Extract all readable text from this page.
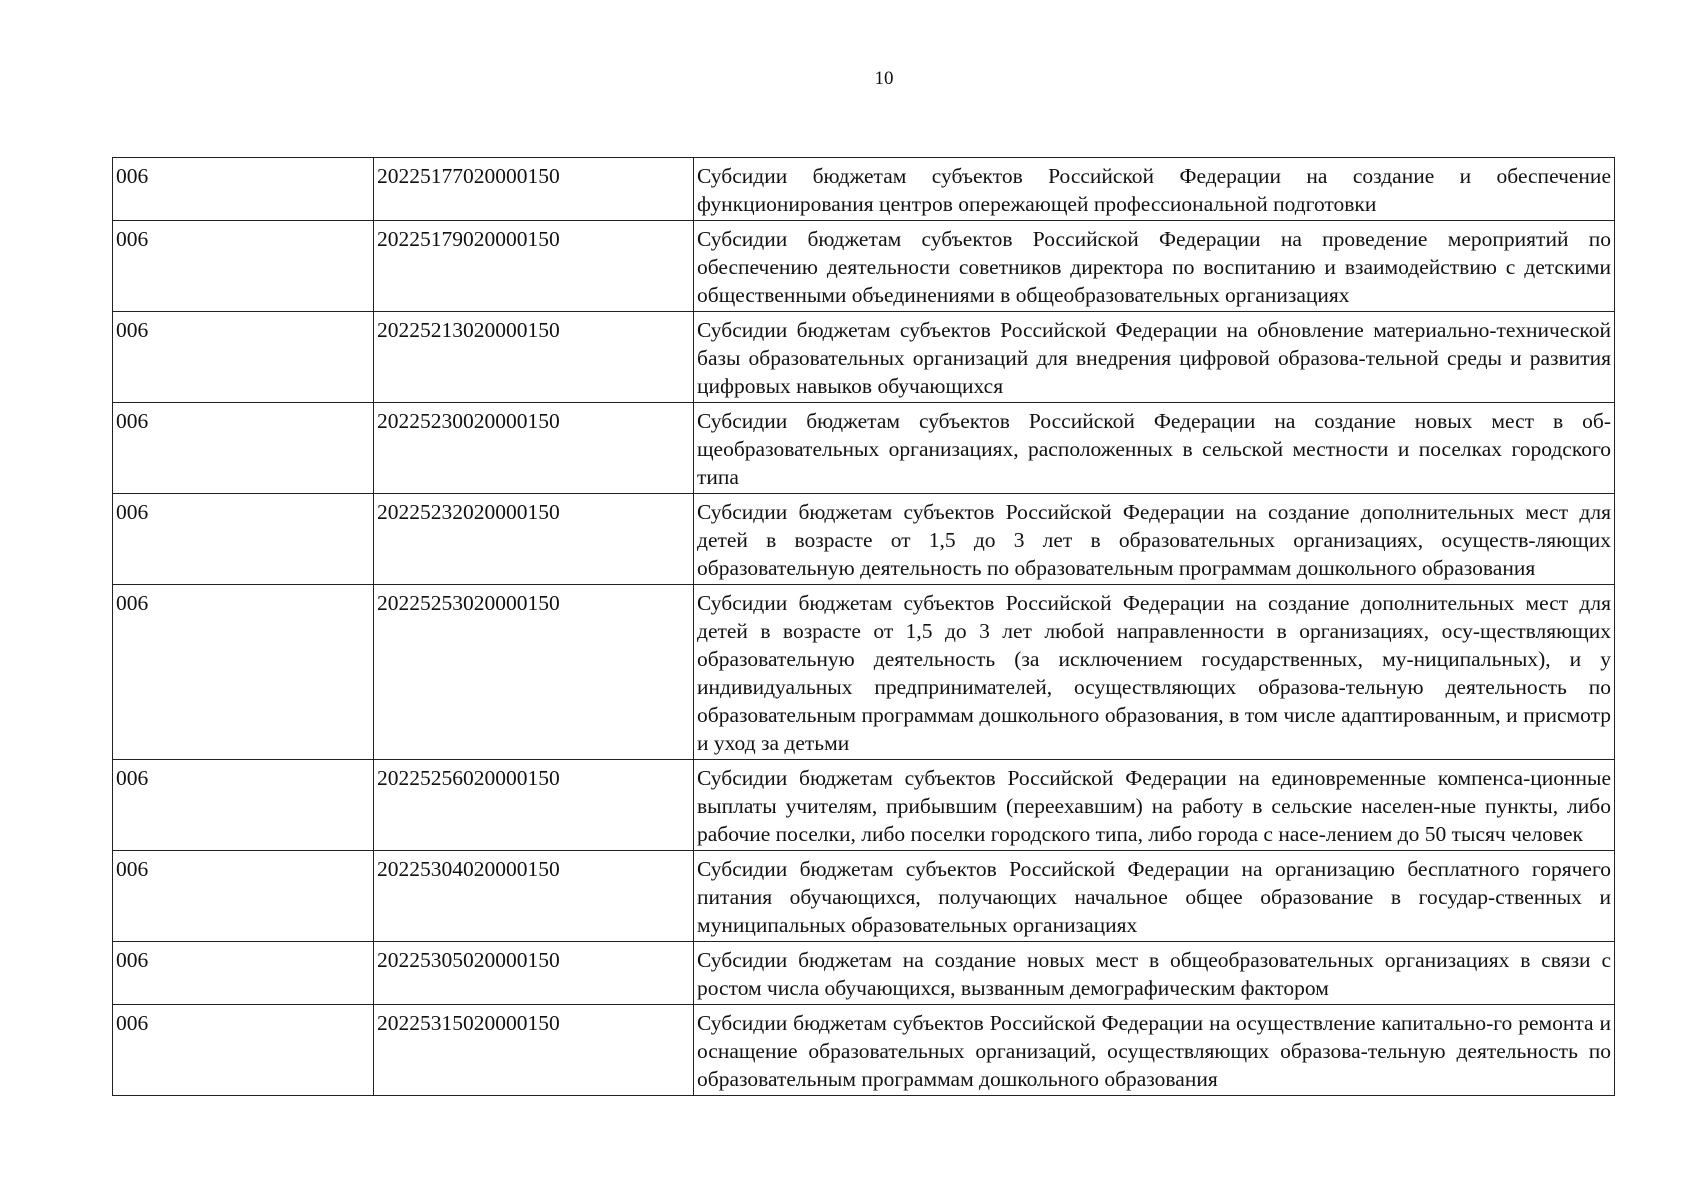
10
006	20225177020000150	Субсидии бюджетам субъектов Российской Федерации на создание и обеспечение функционирования центров опережающей профессиональной подготовки
006	20225179020000150	Субсидии бюджетам субъектов Российской Федерации на проведение мероприятий по обеспечению деятельности советников директора по воспитанию и взаимодействию с детскими общественными объединениями в общеобразовательных организациях
006	20225213020000150	Субсидии бюджетам субъектов Российской Федерации на обновление материально-технической базы образовательных организаций для внедрения цифровой образова-тельной среды и развития цифровых навыков обучающихся
006	20225230020000150	Субсидии бюджетам субъектов Российской Федерации на создание новых мест в об-щеобразовательных организациях, расположенных в сельской местности и поселках городского типа
006	20225232020000150	Субсидии бюджетам субъектов Российской Федерации на создание дополнительных мест для детей в возрасте от 1,5 до 3 лет в образовательных организациях, осуществ-ляющих образовательную деятельность по образовательным программам дошкольного образования
006	20225253020000150	Субсидии бюджетам субъектов Российской Федерации на создание дополнительных мест для детей в возрасте от 1,5 до 3 лет любой направленности в организациях, осу-ществляющих образовательную деятельность (за исключением государственных, му-ниципальных), и у индивидуальных предпринимателей, осуществляющих образова-тельную деятельность по образовательным программам дошкольного образования, в том числе адаптированным, и присмотр и уход за детьми
006	20225256020000150	Субсидии бюджетам субъектов Российской Федерации на единовременные компенса-ционные выплаты учителям, прибывшим (переехавшим) на работу в сельские населен-ные пункты, либо рабочие поселки, либо поселки городского типа, либо города с насе-лением до 50 тысяч человек
006	20225304020000150	Субсидии бюджетам субъектов Российской Федерации на организацию бесплатного горячего питания обучающихся, получающих начальное общее образование в государ-ственных и муниципальных образовательных организациях
006	20225305020000150	Субсидии бюджетам на создание новых мест в общеобразовательных организациях в связи с ростом числа обучающихся, вызванным демографическим фактором
006	20225315020000150	Субсидии бюджетам субъектов Российской Федерации на осуществление капитально-го ремонта и оснащение образовательных организаций, осуществляющих образова-тельную деятельность по образовательным программам дошкольного образования
